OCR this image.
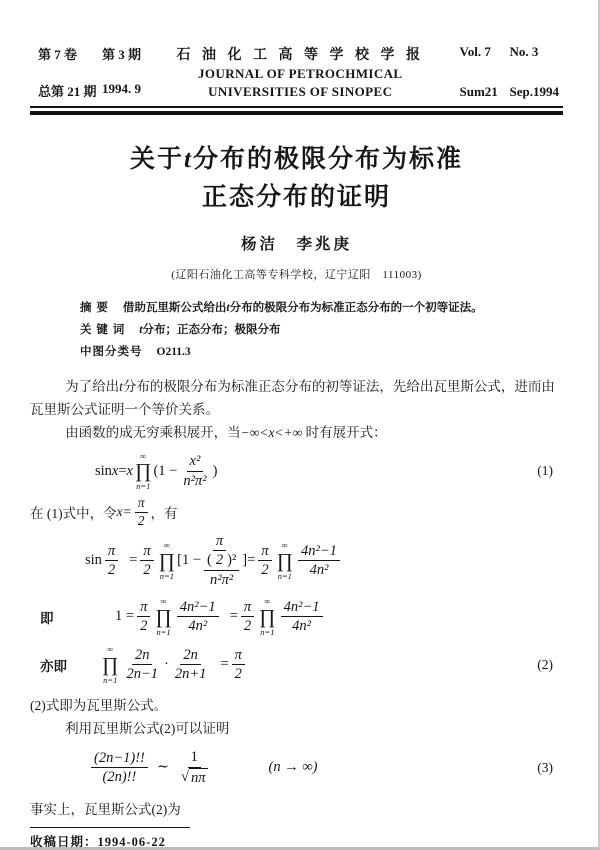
第 7 卷	第 3 期
总第 21 期 1994. 9
石 油 化 工 高 等 学 校 学 报
JOURNAL OF PETROCHMICAL
UNIVERSITIES OF SINOPEC
Vol. 7	No. 3
Sum21 Sep.1994
关于t分布的极限分布为标准
正态分布的证明
杨洁　李兆庚
(辽阳石油化工高等专科学校，辽宁辽阳　111003)
摘 要 借助瓦里斯公式给出t分布的极限分布为标准正态分布的一个初等证法。
关 键 词 t分布；正态分布；极限分布
中图分类号 O211.3

为了给出t分布的极限分布为标准正态分布的初等证法，先给出瓦里斯公式，进而由瓦里斯公式证明一个等价关系。

由函数的成无穷乘积展开，当−∞<x<+∞ 时有展开式：

sin x = x
∞
∏
n=1
($1 - \frac{\text{x²}}{\text{n²π²}}$ )	(1)
在 (1)式中，令 $x= \frac{\pi}{2}$ ，有
$\sin \frac{\pi}{2} = \frac{\pi}{2}$ ∞
∏
n=1
[$1 - \frac{( \frac{\pi}{2} )^2}{\text{n²π²}}$ ]= $\frac{\pi}{2}$ ∞
∏
$n=1 \frac{\text{4n²−1}}{\text{4n²}}$
即	$1 = \frac{\pi}{2}$ ∞
∏
$n=1 \frac{\text{4n²−1}}{\text{4n²}} = \frac{\pi}{2}$ ∞
∏
$n=1 \frac{\text{4n²−1}}{\text{4n²}}$
亦即
∞
∏
$n=1 \frac{2n}{2n-1} \cdot \frac{2n}{2n+1} = \frac{\pi}{2}$	(2)

(2)式即为瓦里斯公式。

利用瓦里斯公式(2)可以证明

$\frac{(2n-1)!!}{(2n)!!}$ ∼ $\frac{1}{√ n\pi}$	(n → ∞)	(3)

事实上，瓦里斯公式(2)为

收稿日期：1994-06-22
